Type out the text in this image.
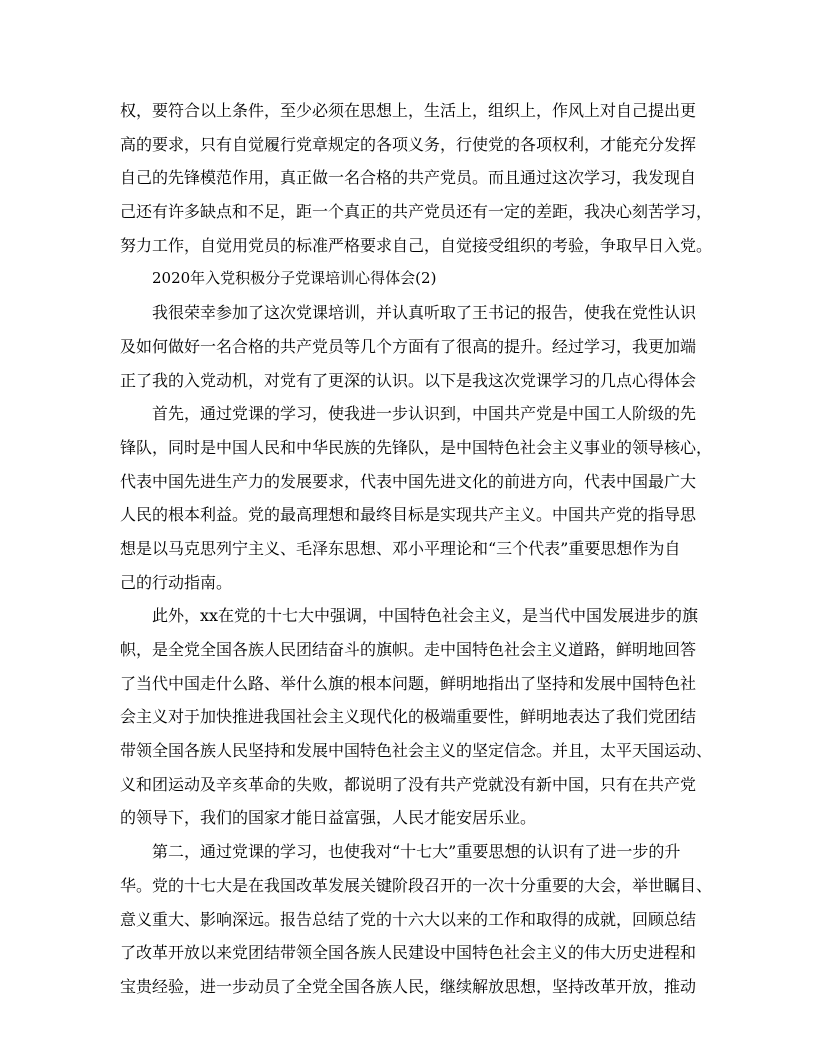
权，要符合以上条件，至少必须在思想上，生活上，组织上，作风上对自己提出更
高的要求，只有自觉履行党章规定的各项义务，行使党的各项权利，才能充分发挥
自己的先锋模范作用，真正做一名合格的共产党员。而且通过这次学习，我发现自
己还有许多缺点和不足，距一个真正的共产党员还有一定的差距，我决心刻苦学习，
努力工作，自觉用党员的标准严格要求自己，自觉接受组织的考验，争取早日入党。
2020年入党积极分子党课培训心得体会(2)
我很荣幸参加了这次党课培训，并认真听取了王书记的报告，使我在党性认识
及如何做好一名合格的共产党员等几个方面有了很高的提升。经过学习，我更加端
正了我的入党动机，对党有了更深的认识。以下是我这次党课学习的几点心得体会
首先，通过党课的学习，使我进一步认识到，中国共产党是中国工人阶级的先
锋队，同时是中国人民和中华民族的先锋队，是中国特色社会主义事业的领导核心，
代表中国先进生产力的发展要求，代表中国先进文化的前进方向，代表中国最广大
人民的根本利益。党的最高理想和最终目标是实现共产主义。中国共产党的指导思
想是以马克思列宁主义、毛泽东思想、邓小平理论和“三个代表”重要思想作为自
己的行动指南。
此外，xx在党的十七大中强调，中国特色社会主义，是当代中国发展进步的旗
帜，是全党全国各族人民团结奋斗的旗帜。走中国特色社会主义道路，鲜明地回答
了当代中国走什么路、举什么旗的根本问题，鲜明地指出了坚持和发展中国特色社
会主义对于加快推进我国社会主义现代化的极端重要性，鲜明地表达了我们党团结
带领全国各族人民坚持和发展中国特色社会主义的坚定信念。并且，太平天国运动、
义和团运动及辛亥革命的失败，都说明了没有共产党就没有新中国，只有在共产党
的领导下，我们的国家才能日益富强，人民才能安居乐业。
第二，通过党课的学习，也使我对“十七大”重要思想的认识有了进一步的升
华。党的十七大是在我国改革发展关键阶段召开的一次十分重要的大会，举世瞩目、
意义重大、影响深远。报告总结了党的十六大以来的工作和取得的成就，回顾总结
了改革开放以来党团结带领全国各族人民建设中国特色社会主义的伟大历史进程和
宝贵经验，进一步动员了全党全国各族人民，继续解放思想，坚持改革开放，推动
